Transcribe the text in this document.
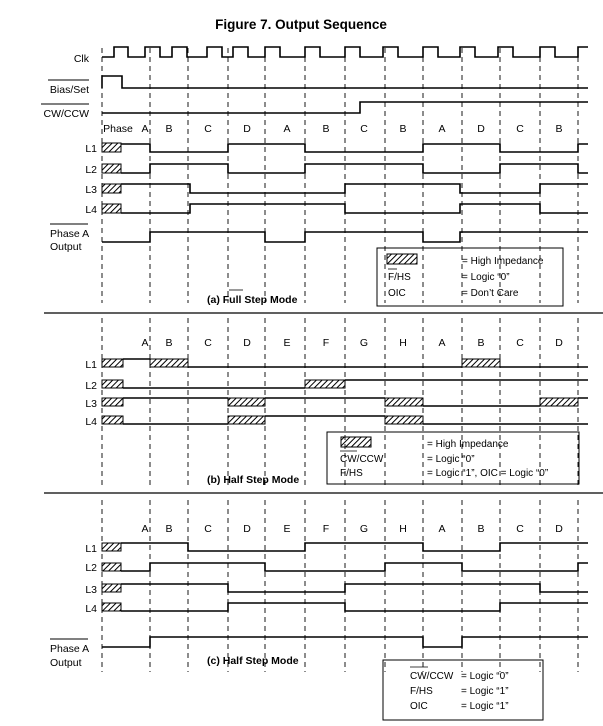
Figure 7. Output Sequence
Clk
Bias/Set
CW/CCW
Phase A B	C	D	A	B	C	B	A	D	C	B
L1
L2
L3
L4
Phase A
Output
= High Impedance
F/HS	= Logic “0”
OIC	= Don’t Care
(a) Full Step Mode
A B	C	D	E	F	G	H	A	B	C	D
L1
L2
L3
L4
= High Impedance
CW/CCW	= Logic “0”
F/HS	= Logic “1”, OIC = Logic “0”
(b) Half Step Mode
A B	C	D	E	F	G	H	A	B	C	D
L1
L2
L3
L4
Phase A
Output
CW/CCW = Logic “0”
F/HS	= Logic “1”
OIC	= Logic “1”
(c) Half Step Mode
